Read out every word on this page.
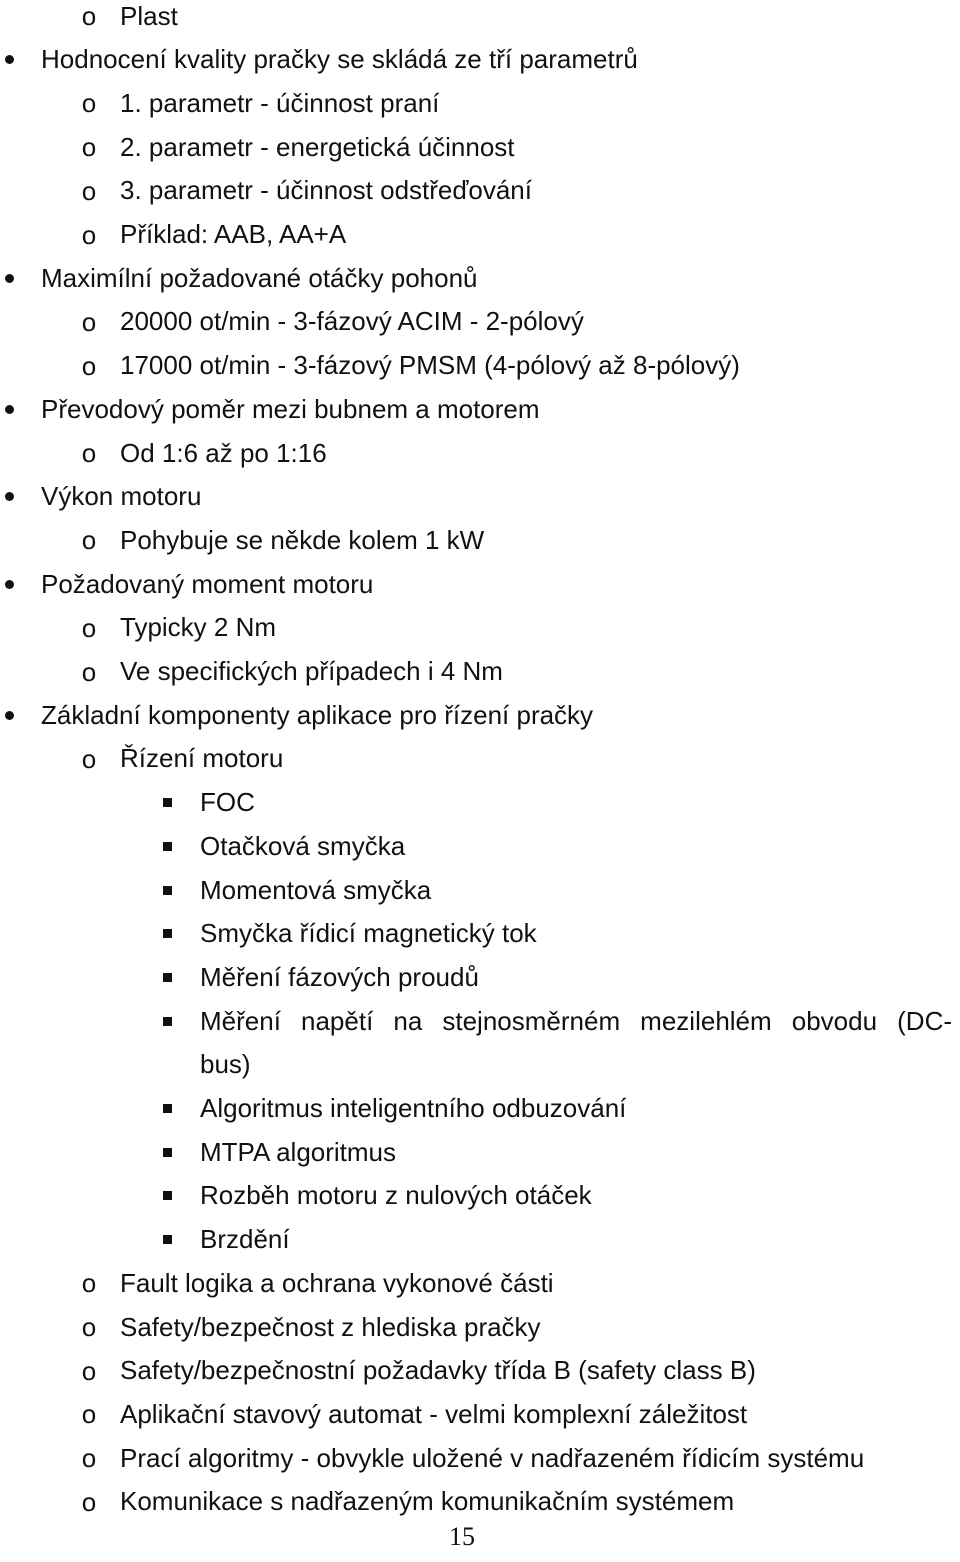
o Plast
Hodnocení kvality pračky se skládá ze tří parametrů
o 1. parametr - účinnost praní
o 2. parametr - energetická účinnost
o 3. parametr - účinnost odstřeďování
o Příklad: AAB, AA+A
Maximílní požadované otáčky pohonů
o 20000 ot/min - 3-fázový ACIM - 2-pólový
o 17000 ot/min - 3-fázový PMSM (4-pólový až 8-pólový)
Převodový poměr mezi bubnem a motorem
o Od 1:6 až po 1:16
Výkon motoru
o Pohybuje se někde kolem 1 kW
Požadovaný moment motoru
o Typicky 2 Nm
o Ve specifických případech i 4 Nm
Základní komponenty aplikace pro řízení pračky
o Řízení motoru
FOC
Otačková smyčka
Momentová smyčka
Smyčka řídicí magnetický tok
Měření fázových proudů
Měření napětí na stejnosměrném mezilehlém obvodu (DC-
bus)
Algoritmus inteligentního odbuzování
MTPA algoritmus
Rozběh motoru z nulových otáček
Brzdění
o Fault logika a ochrana vykonové části
o Safety/bezpečnost z hlediska pračky
o Safety/bezpečnostní požadavky třída B (safety class B)
o Aplikační stavový automat - velmi komplexní záležitost
o Prací algoritmy - obvykle uložené v nadřazeném řídicím systému
o Komunikace s nadřazeným komunikačním systémem
15
